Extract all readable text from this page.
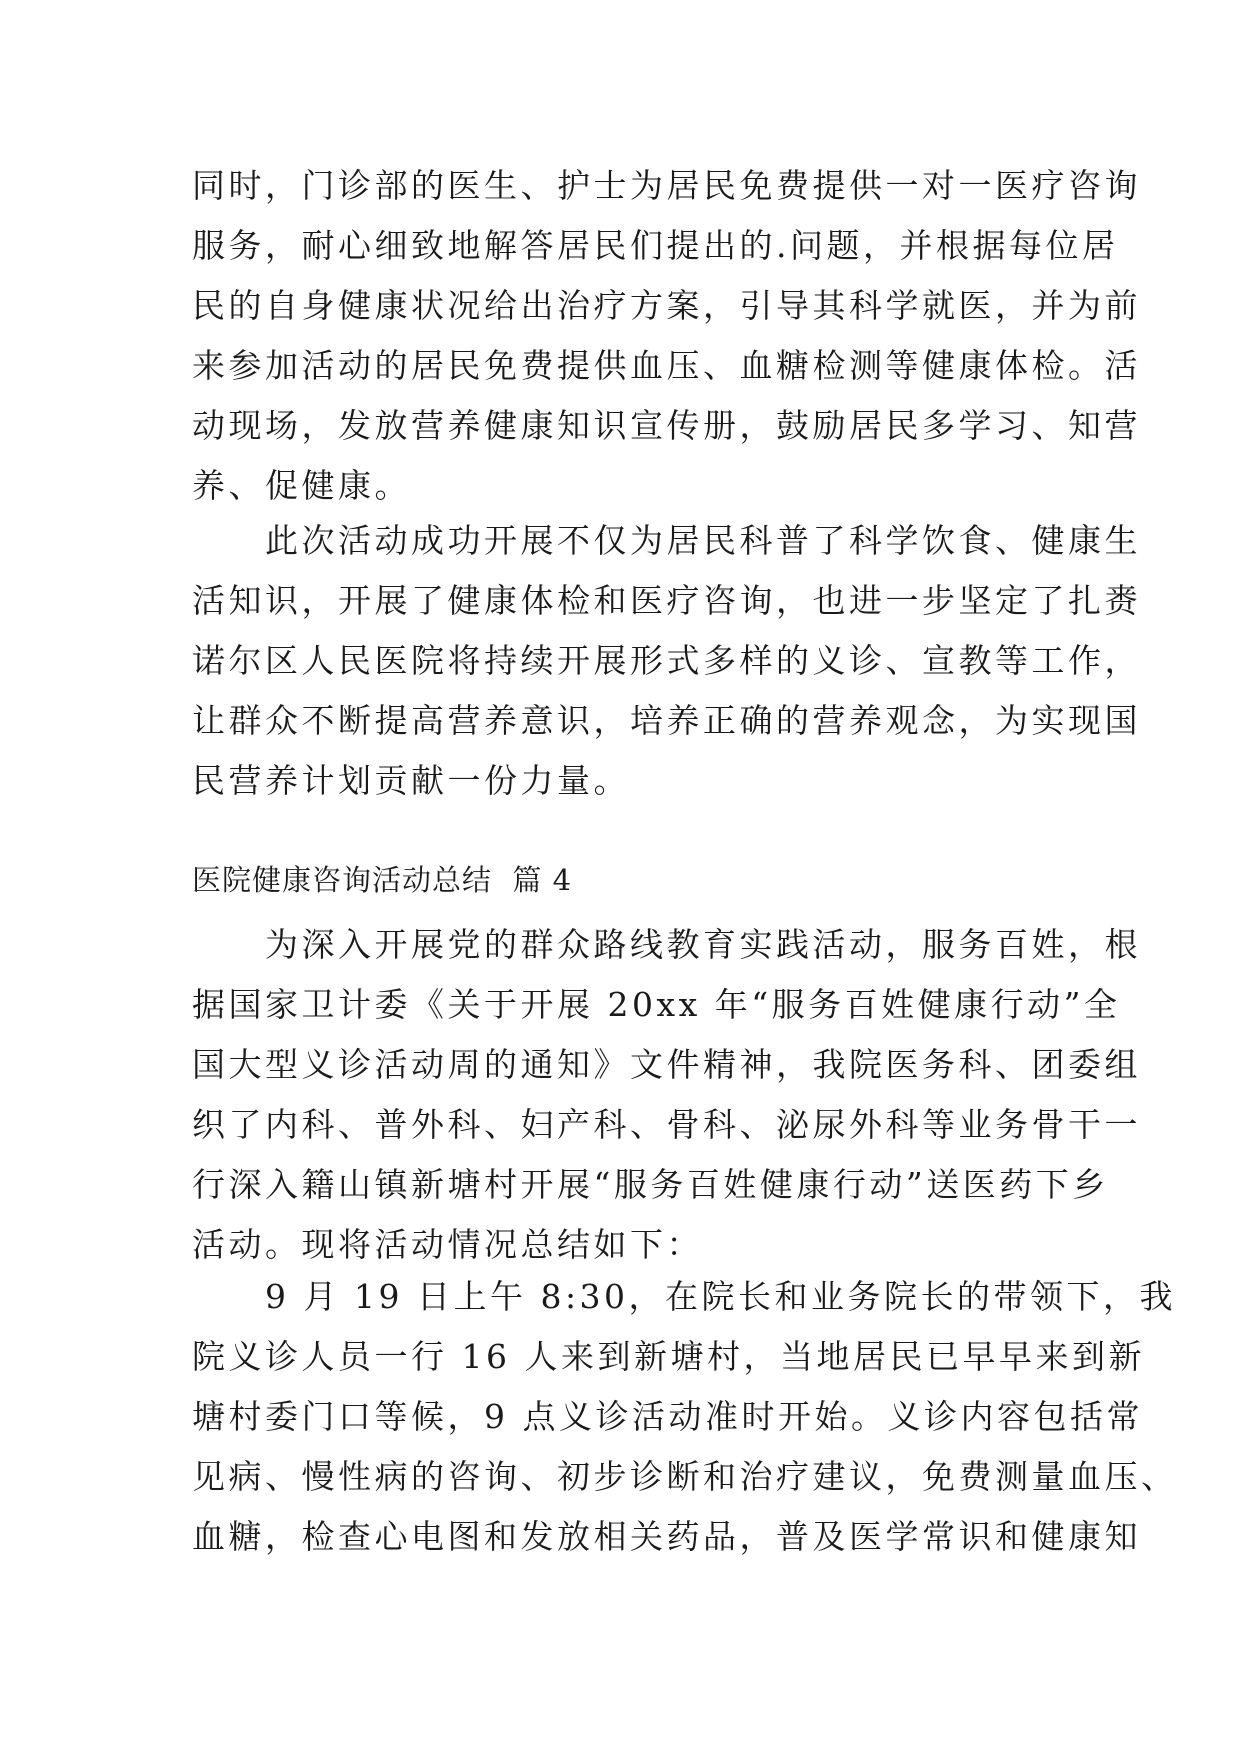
同时，门诊部的医生、护士为居民免费提供一对一医疗咨询
服务，耐心细致地解答居民们提出的.问题，并根据每位居
民的自身健康状况给出治疗方案，引导其科学就医，并为前
来参加活动的居民免费提供血压、血糖检测等健康体检。活
动现场，发放营养健康知识宣传册，鼓励居民多学习、知营
养、促健康。
　　此次活动成功开展不仅为居民科普了科学饮食、健康生
活知识，开展了健康体检和医疗咨询，也进一步坚定了扎赉
诺尔区人民医院将持续开展形式多样的义诊、宣教等工作，
让群众不断提高营养意识，培养正确的营养观念，为实现国
民营养计划贡献一份力量。
医院健康咨询活动总结  篇 4
　　为深入开展党的群众路线教育实践活动，服务百姓，根
据国家卫计委《关于开展 20xx 年“服务百姓健康行动”全
国大型义诊活动周的通知》文件精神，我院医务科、团委组
织了内科、普外科、妇产科、骨科、泌尿外科等业务骨干一
行深入籍山镇新塘村开展“服务百姓健康行动”送医药下乡
活动。现将活动情况总结如下：
　　9 月 19 日上午 8:30，在院长和业务院长的带领下，我
院义诊人员一行 16 人来到新塘村，当地居民已早早来到新
塘村委门口等候，9 点义诊活动准时开始。义诊内容包括常
见病、慢性病的咨询、初步诊断和治疗建议，免费测量血压、
血糖，检查心电图和发放相关药品，普及医学常识和健康知
